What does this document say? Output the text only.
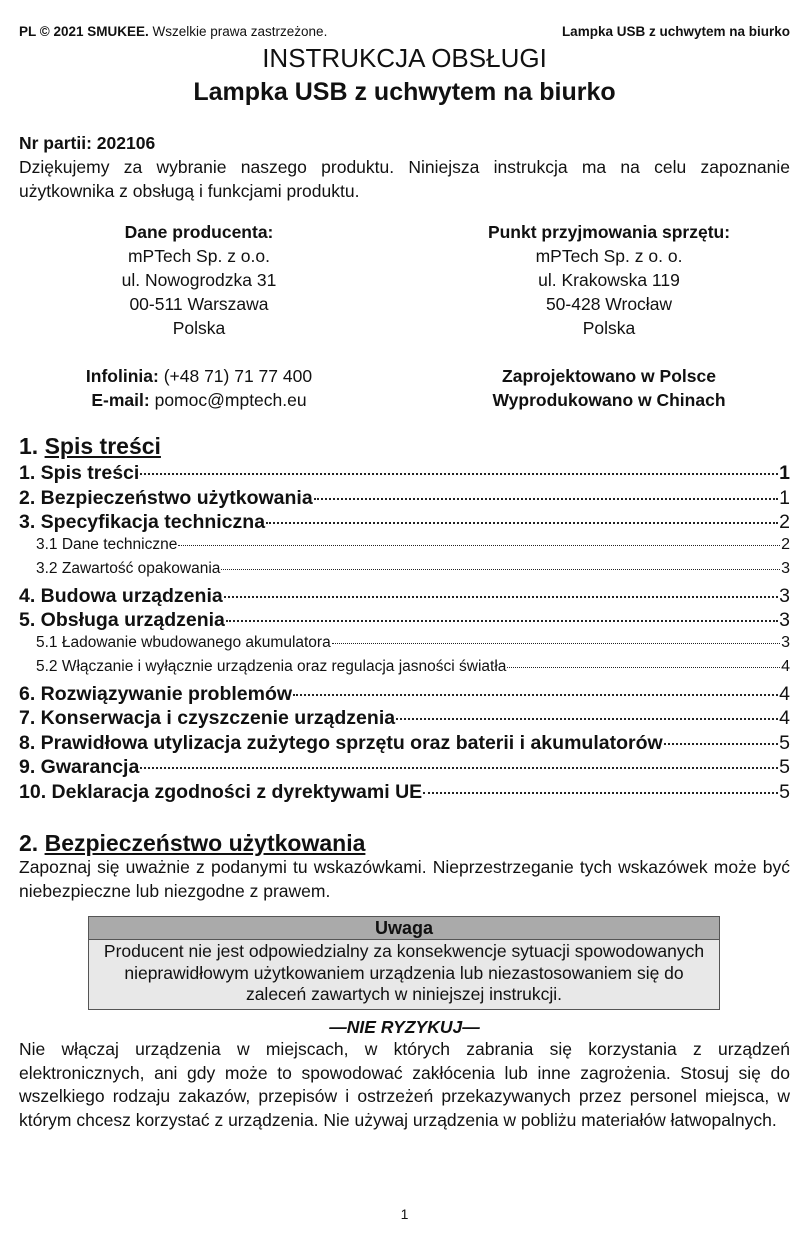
PL © 2021 SMUKEE. Wszelkie prawa zastrzeżone.	Lampka USB z uchwytem na biurko
INSTRUKCJA OBSŁUGI
Lampka USB z uchwytem na biurko

Nr partii: 202106

Dziękujemy za wybranie naszego produktu. Niniejsza instrukcja ma na celu zapoznanie użytkownika z obsługą i funkcjami produktu.

Dane producenta:
mPTech Sp. z o.o.
ul. Nowogrodzka 31
00-511 Warszawa
Polska
Infolinia: (+48 71) 71 77 400
E-mail: pomoc@mptech.eu
Punkt przyjmowania sprzętu:
mPTech Sp. z o. o.
ul. Krakowska 119
50-428 Wrocław
Polska
Zaprojektowano w Polsce
Wyprodukowano w Chinach
1. Spis treści
1. Spis treści	1
2. Bezpieczeństwo użytkowania	1
3. Specyfikacja techniczna	2
3.1 Dane techniczne	2
3.2 Zawartość opakowania	3
4. Budowa urządzenia	3
5. Obsługa urządzenia	3
5.1 Ładowanie wbudowanego akumulatora	3
5.2 Włączanie i wyłącznie urządzenia oraz regulacja jasności światła	4
6. Rozwiązywanie problemów	4
7. Konserwacja i czyszczenie urządzenia	4
8. Prawidłowa utylizacja zużytego sprzętu oraz baterii i akumulatorów	5
9. Gwarancja	5
10. Deklaracja zgodności z dyrektywami UE	5
2. Bezpieczeństwo użytkowania

Zapoznaj się uważnie z podanymi tu wskazówkami. Nieprzestrzeganie tych wskazówek może być niebezpieczne lub niezgodne z prawem.

Uwaga
Producent nie jest odpowiedzialny za konsekwencje sytuacji spowodowanych nieprawidłowym użytkowaniem urządzenia lub niezastosowaniem się do zaleceń zawartych w niniejszej instrukcji.
—NIE RYZYKUJ—

Nie włączaj urządzenia w miejscach, w których zabrania się korzystania z urządzeń elektronicznych, ani gdy może to spowodować zakłócenia lub inne zagrożenia. Stosuj się do wszelkiego rodzaju zakazów, przepisów i ostrzeżeń przekazywanych przez personel miejsca, w którym chcesz korzystać z urządzenia. Nie używaj urządzenia w pobliżu materiałów łatwopalnych.

1
